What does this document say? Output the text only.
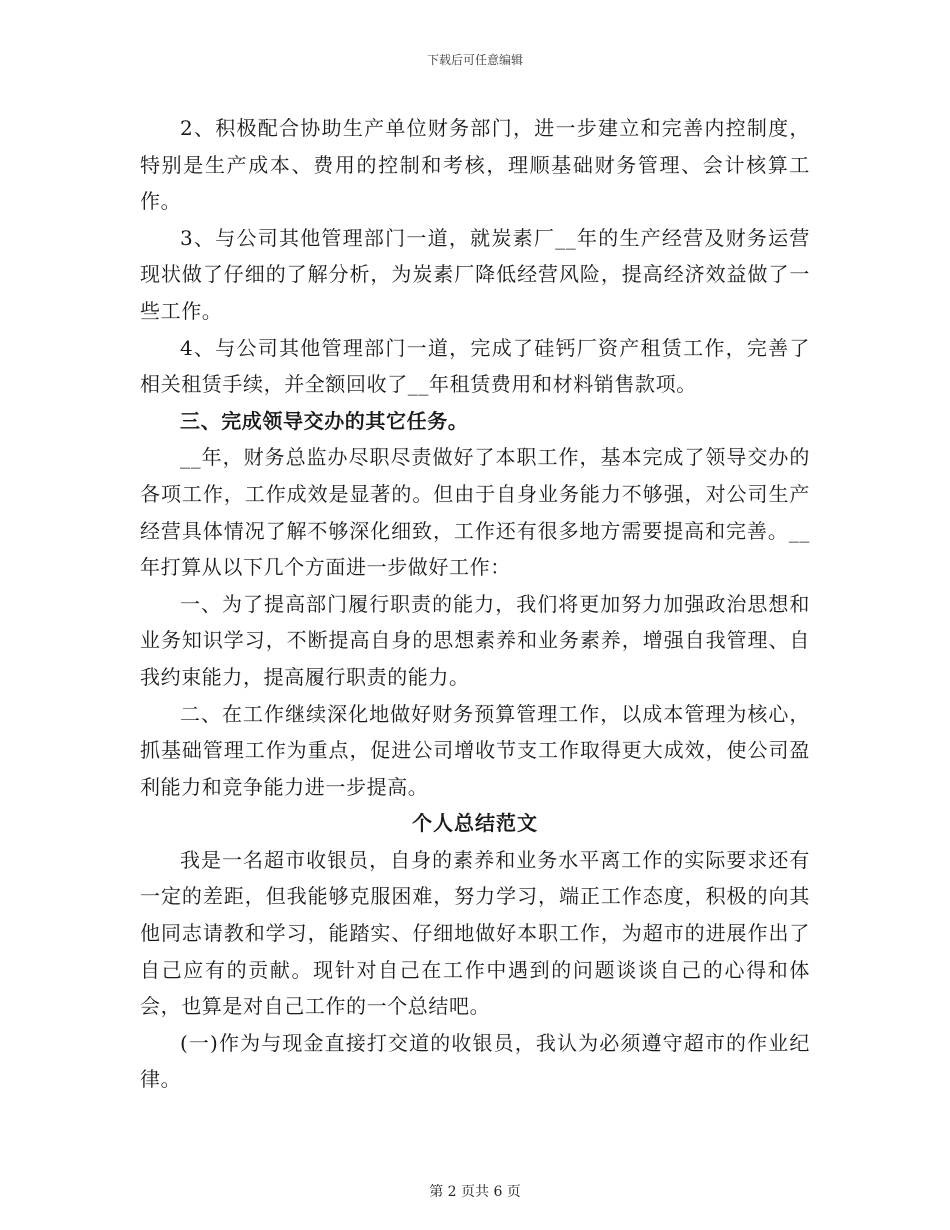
下载后可任意编辑

2、积极配合协助生产单位财务部门，进一步建立和完善内控制度，特别是生产成本、费用的控制和考核，理顺基础财务管理、会计核算工作。

3、与公司其他管理部门一道，就炭素厂__年的生产经营及财务运营现状做了仔细的了解分析，为炭素厂降低经营风险，提高经济效益做了一些工作。

4、与公司其他管理部门一道，完成了硅钙厂资产租赁工作，完善了相关租赁手续，并全额回收了__年租赁费用和材料销售款项。

三、完成领导交办的其它任务。

__年，财务总监办尽职尽责做好了本职工作，基本完成了领导交办的各项工作，工作成效是显著的。但由于自身业务能力不够强，对公司生产经营具体情况了解不够深化细致，工作还有很多地方需要提高和完善。__年打算从以下几个方面进一步做好工作：

一、为了提高部门履行职责的能力，我们将更加努力加强政治思想和业务知识学习，不断提高自身的思想素养和业务素养，增强自我管理、自我约束能力，提高履行职责的能力。

二、在工作继续深化地做好财务预算管理工作，以成本管理为核心，抓基础管理工作为重点，促进公司增收节支工作取得更大成效，使公司盈利能力和竞争能力进一步提高。

个人总结范文

我是一名超市收银员，自身的素养和业务水平离工作的实际要求还有一定的差距，但我能够克服困难，努力学习，端正工作态度，积极的向其他同志请教和学习，能踏实、仔细地做好本职工作，为超市的进展作出了自己应有的贡献。现针对自己在工作中遇到的问题谈谈自己的心得和体会，也算是对自己工作的一个总结吧。

(一)作为与现金直接打交道的收银员，我认为必须遵守超市的作业纪律。

第 2 页共 6 页
